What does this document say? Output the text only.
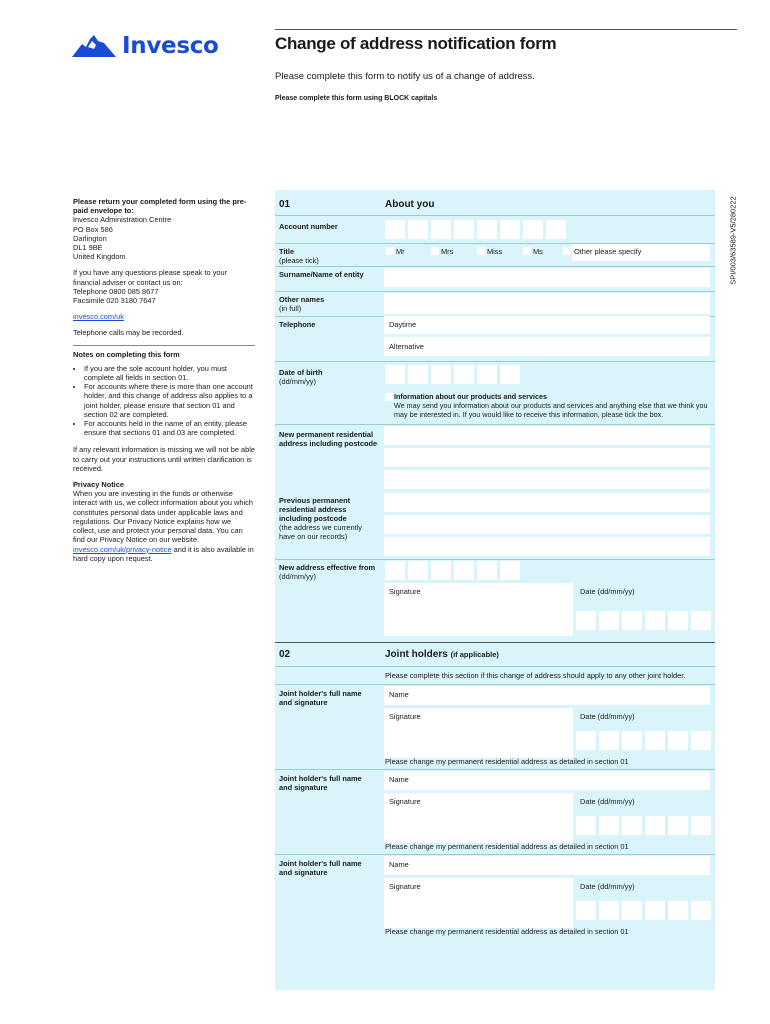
Invesco	Change of address notification form
Please complete this form to notify us of a change of address.
Please complete this form using BLOCK capitals
SPI/003/63589-V5/280222

Please return your completed form using the pre-paid envelope to:
Invesco Administration Centre
PO Box 586
Darlington
DL1 9BE
United Kingdom

If you have any questions please speak to your financial adviser or contact us on:
Telephone 0800 085 8677
Facsimile 020 3180 7647

invesco.com/uk

Telephone calls may be recorded.

Notes on completing this form
• If you are the sole account holder, you must complete all fields in section 01.
• For accounts where there is more than one account holder, and this change of address also applies to a joint holder, please ensure that section 01 and section 02 are completed.
• For accounts held in the name of an entity, please ensure that sections 01 and 03 are completed.

If any relevant information is missing we will not be able to carry out your instructions until written clarification is received.

Privacy Notice
When you are investing in the funds or otherwise interact with us, we collect information about you which constitutes personal data under applicable laws and regulations. Our Privacy Notice explains how we collect, use and protect your personal data. You can find our Privacy Notice on our website invesco.com/uk/privacy-notice and it is also available in hard copy upon request.

01	About you
Account number
Title
(please tick)
Mr	Mrs	Miss	Ms	Other please specify
Surname/Name of entity
Other names
(in full)
Telephone	Daytime
Alternative
Date of birth
(dd/mm/yy)
Information about our products and services
We may send you information about our products and services and anything else that we think you may be interested in. If you would like to receive this information, please tick the box.
New permanent residential address including postcode
Previous permanent residential address including postcode
(the address we currently have on our records)
New address effective from
(dd/mm/yy)
Signature	Date (dd/mm/yy)
02	Joint holders (if applicable)
Please complete this section if this change of address should apply to any other joint holder.
Joint holder's full name and signature
Name
Signature	Date (dd/mm/yy)
Please change my permanent residential address as detailed in section 01
Joint holder's full name and signature
Name
Signature	Date (dd/mm/yy)
Please change my permanent residential address as detailed in section 01
Joint holder's full name and signature
Name
Signature	Date (dd/mm/yy)
Please change my permanent residential address as detailed in section 01
